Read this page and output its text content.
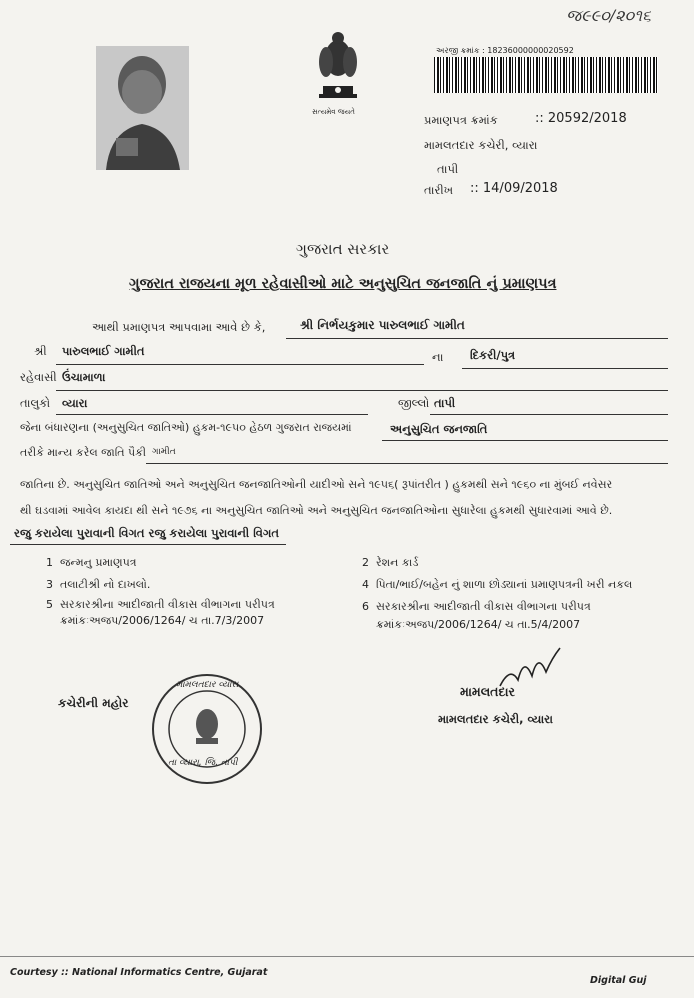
જ૯૯૦/૨૦૧૬
સત્યમેવ જયતે
અરજી ક્રમાંક : 18236000000020592
પ્રમાણપત્ર ક્રમાંક	:: 20592/2018
મામલતદાર કચેરી, વ્યારા
તાપી
તારીખ :: 14/09/2018
ગુજરાત સરકાર
ગુજરાત રાજયના મૂળ રહેવાસીઓ માટે અનુસુચિત જનજાતિ નું પ્રમાણપત્ર
આથી પ્રમાણપત્ર આપવામા આવે છે કે,	શ્રી નિર્ભયકુમાર પારુલભાઈ ગામીત
શ્રી પારુલભાઈ ગામીત	ના દિકરી/પુત્ર
રહેવાસી ઉંચામાળા
તાલુકો વ્યારા	જીલ્લો તાપી
જેના બંધારણના (અનુસુચિત જાતિઓ) હુકમ-૧૯૫૦ હેઠળ ગુજરાત રાજયમાં	અનુસુચિત જનજાતિ
તરીકે માન્ય કરેલ જાતિ પૈકી ગામીત
જાતિના છે. અનુસુચિત જાતિઓ અને અનુસુચિત જનજાતિઓની યાદીઓ સને ૧૯૫૬( રૂપાંતરીત ) હુકમથી સને ૧૯૬૦ ના મુંબઈ નવેસર
થી ઘડવામાં આવેલ કાયદા થી સને ૧૯૭૬ ના અનુસુચિત જાતિઓ અને અનુસુચિત જનજાતિઓના સુધારેલા હુકમથી સુધારવામાં આવે છે.
રજુ કરાયેલા પુરાવાની વિગત રજુ કરાયેલા પુરાવાની વિગત
1 જન્મનુ પ્રમાણપત્ર	2 રેશન કાર્ડ
3 તલાટીશ્રી નો દાખલો.	4 પિતા/ભાઈ/બહેન નું શાળા છોડ્યાનાં પ્રમાણપત્રની ખરી નકલ
5 સરકારશ્રીના આદીજાતી વીકાસ વીભાગના પરીપત્ર
ક્રમાંકઃઅજપ/2006/1264/ ચ તા.7/3/2007
6 સરકારશ્રીના આદીજાતી વીકાસ વીભાગના પરીપત્ર
ક્રમાંકઃઅજપ/2006/1264/ ચ તા.5/4/2007
કચેરીની મહોર
મામલતદાર વ્યારા
તા વ્યારા, જિ. તાપી
મામલતદાર
મામલતદાર કચેરી, વ્યારા
Courtesy :: National Informatics Centre, Gujarat
Digital Guj
